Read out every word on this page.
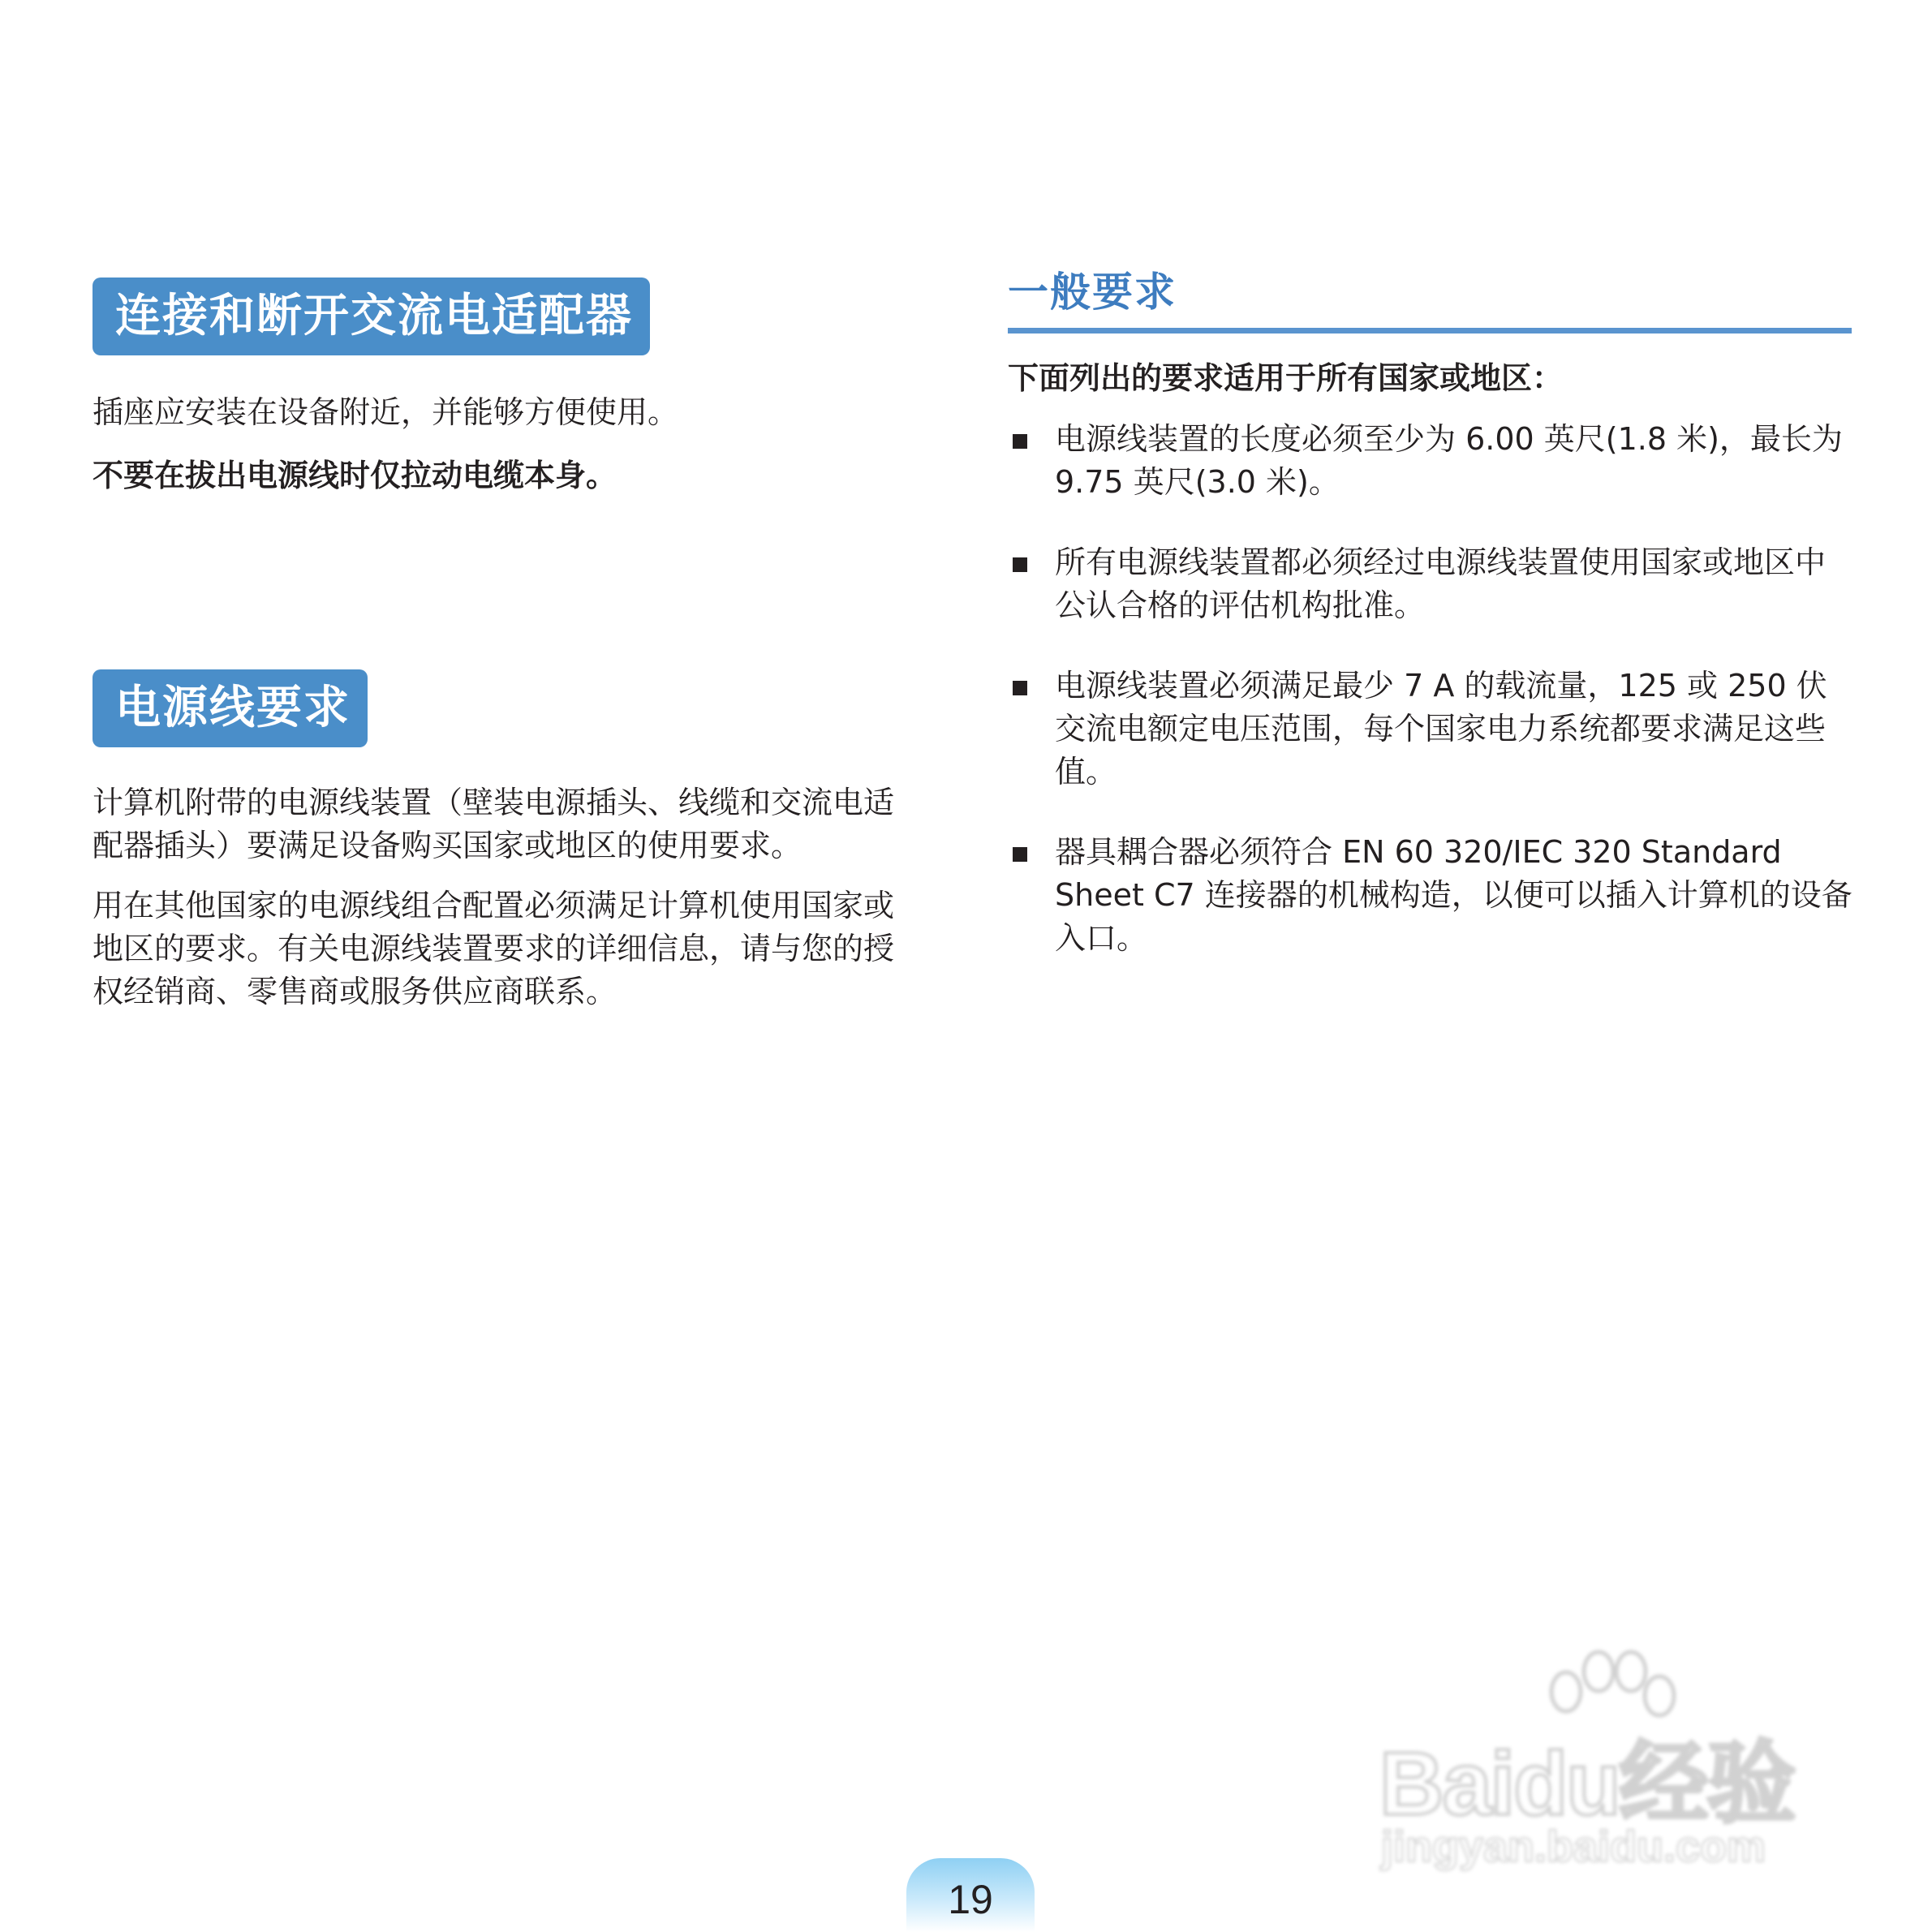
连接和断开交流电适配器

插座应安装在设备附近，并能够方便使用。

不要在拔出电源线时仅拉动电缆本身。

电源线要求

计算机附带的电源线装置（壁装电源插头、线缆和交流电适配器插头）要满足设备购买国家或地区的使用要求。

用在其他国家的电源线组合配置必须满足计算机使用国家或地区的要求。有关电源线装置要求的详细信息，请与您的授权经销商、零售商或服务供应商联系。

一般要求

下面列出的要求适用于所有国家或地区：

电源线装置的长度必须至少为 6.00 英尺(1.8 米)，最长为 9.75 英尺(3.0 米)。
所有电源线装置都必须经过电源线装置使用国家或地区中公认合格的评估机构批准。
电源线装置必须满足最少 7 A 的载流量，125 或 250 伏交流电额定电压范围，每个国家电力系统都要求满足这些值。
器具耦合器必须符合 EN 60 320/IEC 320 Standard Sheet C7 连接器的机械构造，以便可以插入计算机的设备入口。
Baidu经验
jingyan.baidu.com
19
